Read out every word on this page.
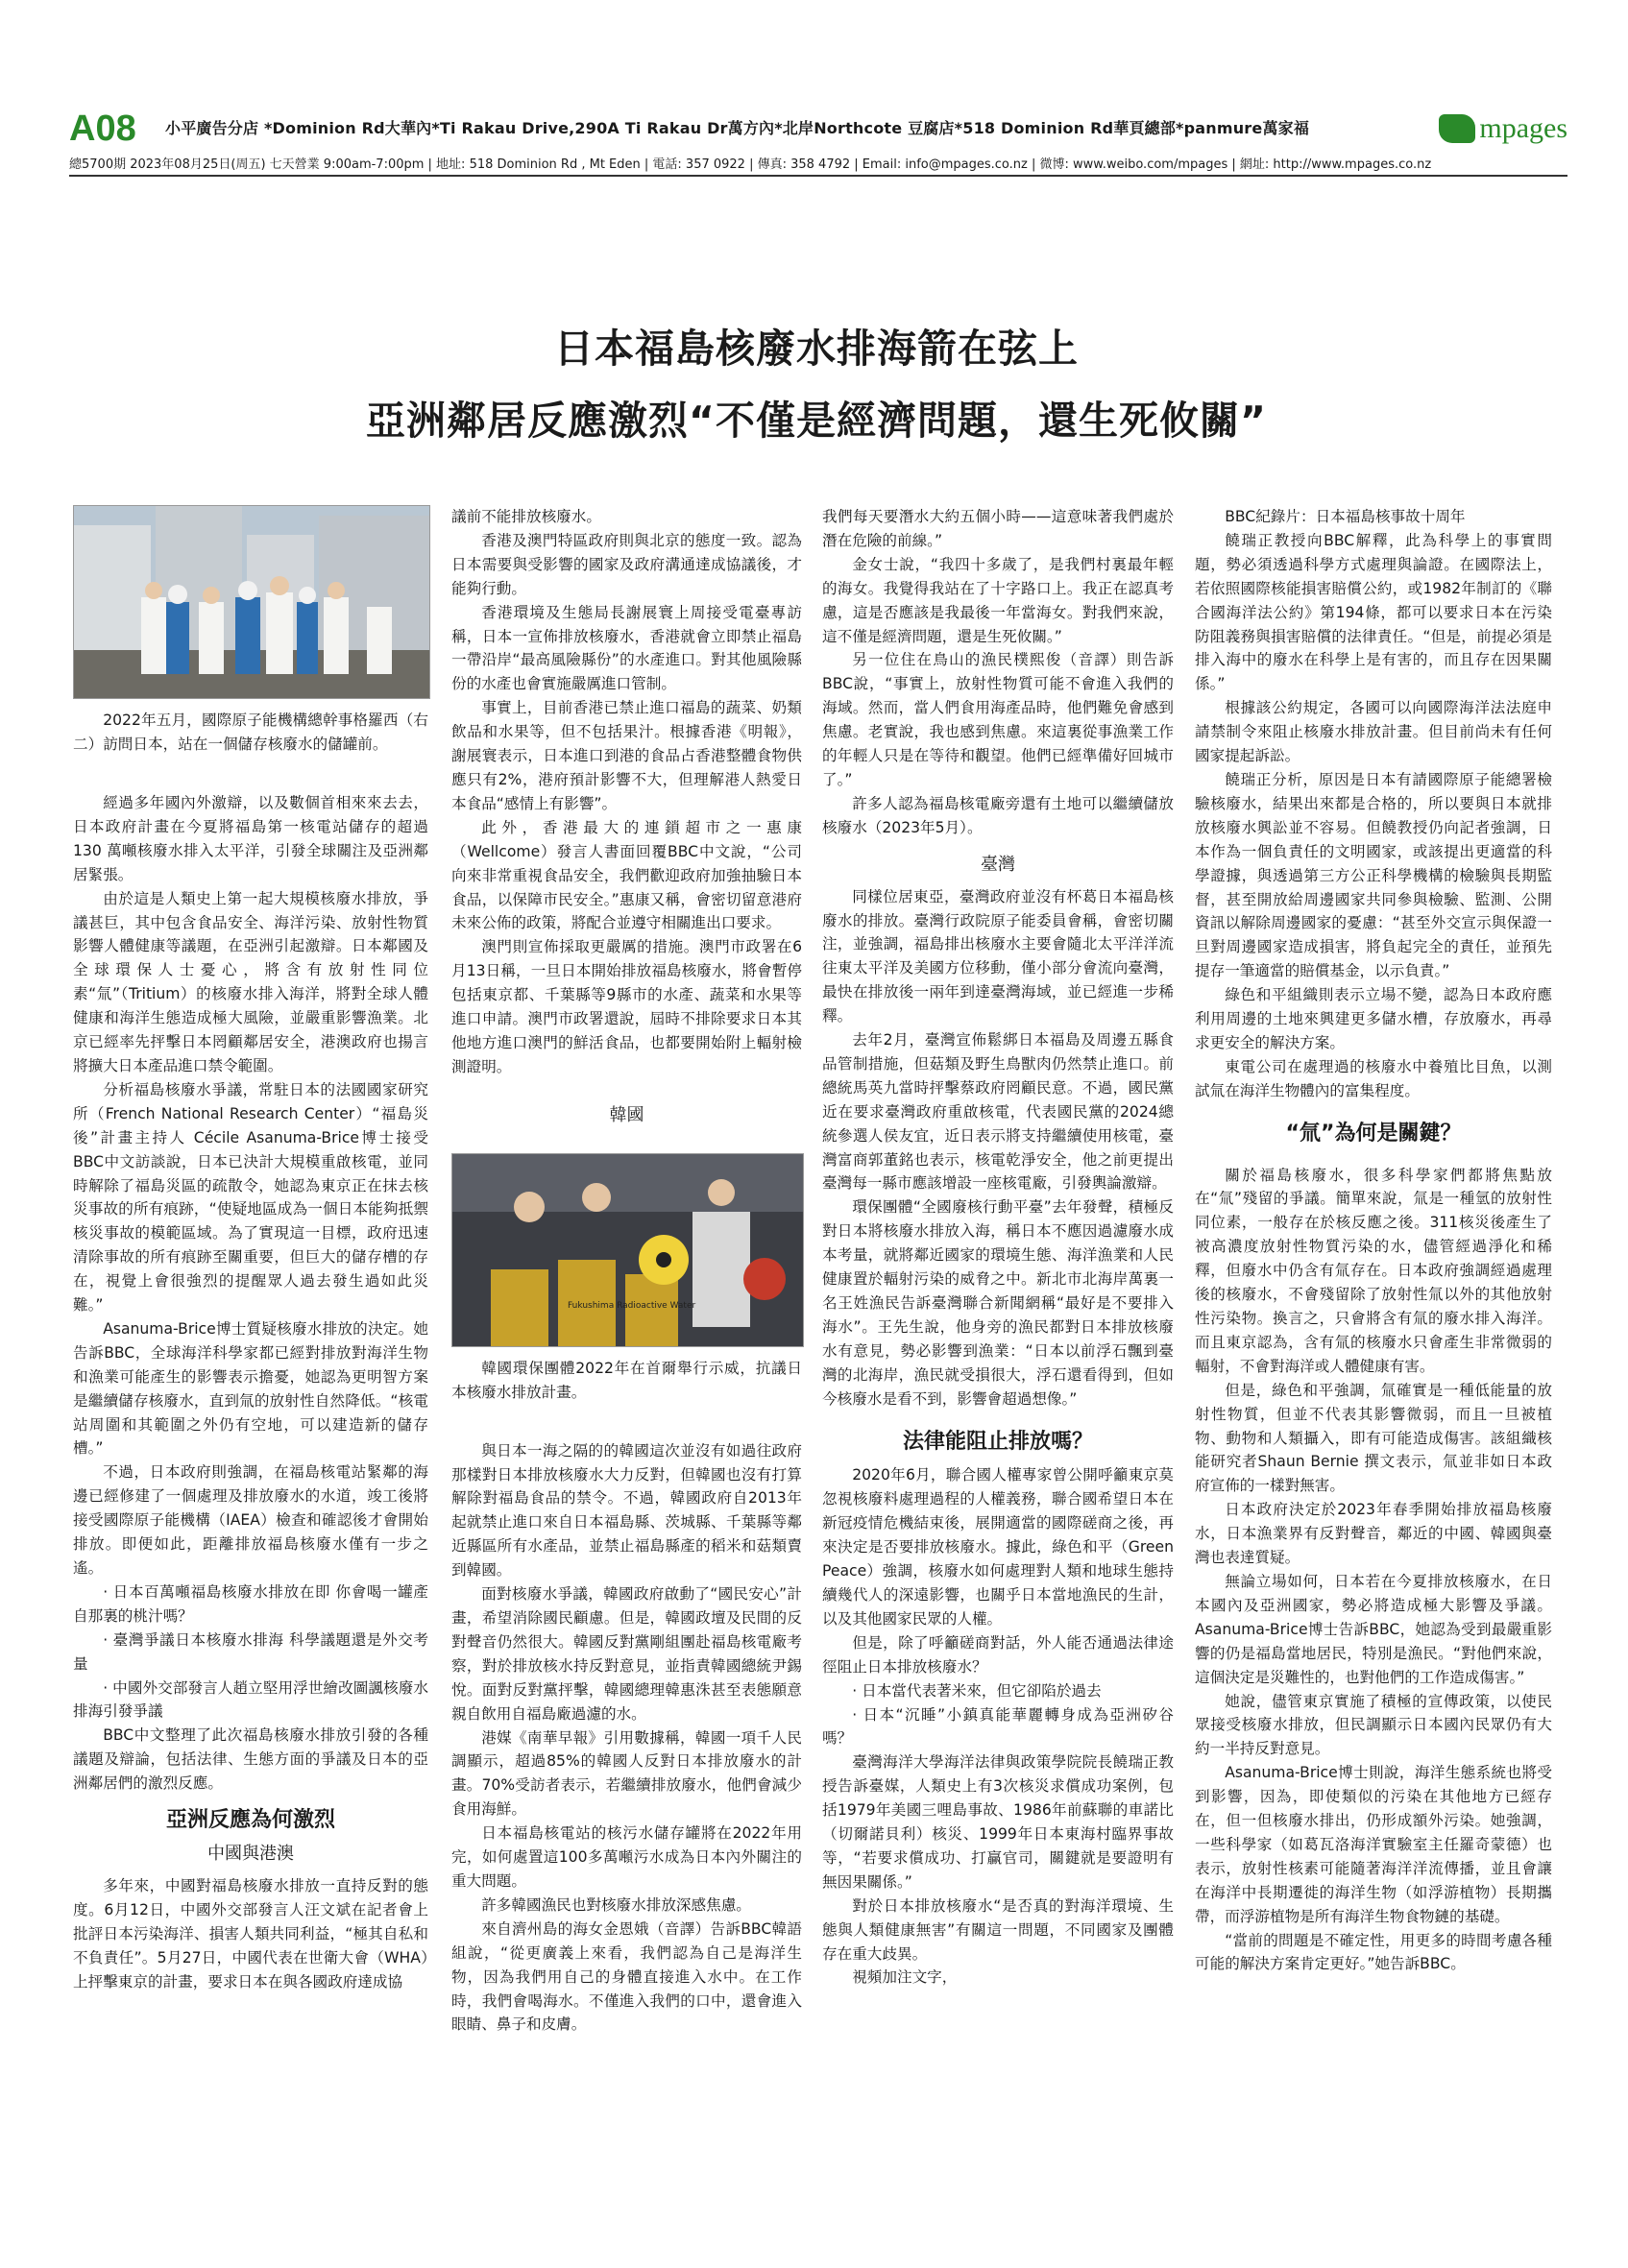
A08 小平廣告分店 *Dominion Rd大華內*Ti Rakau Drive,290A Ti Rakau Dr萬方內*北岸Northcote 豆腐店*518 Dominion Rd華頁總部*panmure萬家福	mpages
總5700期 2023年08月25日(周五) 七天營業 9:00am-7:00pm | 地址: 518 Dominion Rd , Mt Eden | 電話: 357 0922 | 傳真: 358 4792 | Email: info@mpages.co.nz | 微博: www.weibo.com/mpages | 網址: http://www.mpages.co.nz
日本福島核廢水排海箭在弦上
亞洲鄰居反應激烈“不僅是經濟問題，還生死攸關”

2022年五月，國際原子能機構總幹事格羅西（右二）訪問日本，站在一個儲存核廢水的儲罐前。

經過多年國內外激辯，以及數個首相來來去去，日本政府計畫在今夏將福島第一核電站儲存的超過 130 萬噸核廢水排入太平洋，引發全球關注及亞洲鄰居緊張。

由於這是人類史上第一起大規模核廢水排放，爭議甚巨，其中包含食品安全、海洋污染、放射性物質影響人體健康等議題，在亞洲引起激辯。日本鄰國及全球環保人士憂心，將含有放射性同位素“氚”（Tritium）的核廢水排入海洋，將對全球人體健康和海洋生態造成極大風險，並嚴重影響漁業。北京已經率先抨擊日本罔顧鄰居安全，港澳政府也揚言將擴大日本產品進口禁令範圍。

分析福島核廢水爭議，常駐日本的法國國家研究所（French National Research Center）“福島災後”計畫主持人 Cécile Asanuma-Brice博士接受BBC中文訪談說，日本已決計大規模重啟核電，並同時解除了福島災區的疏散令，她認為東京正在抹去核災事故的所有痕跡，“使疑地區成為一個日本能夠抵禦核災事故的模範區域。為了實現這一目標，政府迅速清除事故的所有痕跡至關重要，但巨大的儲存槽的存在，視覺上會很強烈的提醒眾人過去發生過如此災難。”

Asanuma-Brice博士質疑核廢水排放的決定。她告訴BBC，全球海洋科學家都已經對排放對海洋生物和漁業可能產生的影響表示擔憂，她認為更明智方案是繼續儲存核廢水，直到氚的放射性自然降低。“核電站周圍和其範圍之外仍有空地，可以建造新的儲存槽。”

不過，日本政府則強調，在福島核電站緊鄰的海邊已經修建了一個處理及排放廢水的水道，竣工後將接受國際原子能機構（IAEA）檢查和確認後才會開始排放。即便如此，距離排放福島核廢水僅有一步之遙。

· 日本百萬噸福島核廢水排放在即 你會喝一罐產自那裏的桃汁嗎？

· 臺灣爭議日本核廢水排海 科學議題還是外交考量

· 中國外交部發言人趙立堅用浮世繪改圖諷核廢水排海引發爭議

BBC中文整理了此次福島核廢水排放引發的各種議題及辯論，包括法律、生態方面的爭議及日本的亞洲鄰居們的激烈反應。

亞洲反應為何激烈
中國與港澳

多年來，中國對福島核廢水排放一直持反對的態度。6月12日，中國外交部發言人汪文斌在記者會上批評日本污染海洋、損害人類共同利益，“極其自私和不負責任”。5月27日，中國代表在世衛大會（WHA）上抨擊東京的計畫，要求日本在與各國政府達成協

議前不能排放核廢水。

香港及澳門特區政府則與北京的態度一致。認為日本需要與受影響的國家及政府溝通達成協議後，才能夠行動。

香港環境及生態局長謝展寰上周接受電臺專訪稱，日本一宣佈排放核廢水，香港就會立即禁止福島一帶沿岸“最高風險縣份”的水產進口。對其他風險縣份的水產也會實施嚴厲進口管制。

事實上，目前香港已禁止進口福島的蔬菜、奶類飲品和水果等，但不包括果汁。根據香港《明報》，謝展寰表示，日本進口到港的食品占香港整體食物供應只有2%，港府預計影響不大，但理解港人熱愛日本食品“感情上有影響”。

此外，香港最大的連鎖超市之一惠康（Wellcome）發言人書面回覆BBC中文說，“公司向來非常重視食品安全，我們歡迎政府加強抽驗日本食品，以保障市民安全。”惠康又稱，會密切留意港府未來公佈的政策，將配合並遵守相關進出口要求。

澳門則宣佈採取更嚴厲的措施。澳門市政署在6月13日稱，一旦日本開始排放福島核廢水，將會暫停包括東京都、千葉縣等9縣市的水產、蔬菜和水果等進口申請。澳門市政署還說，屆時不排除要求日本其他地方進口澳門的鮮活食品，也都要開始附上輻射檢測證明。

韓國
Fukushima Radioactive Water

韓國環保團體2022年在首爾舉行示威，抗議日本核廢水排放計畫。

與日本一海之隔的的韓國這次並沒有如過往政府那樣對日本排放核廢水大力反對，但韓國也沒有打算解除對福島食品的禁令。不過，韓國政府自2013年起就禁止進口來自日本福島縣、茨城縣、千葉縣等鄰近縣區所有水產品，並禁止福島縣產的稻米和菇類賣到韓國。

面對核廢水爭議，韓國政府啟動了“國民安心”計畫，希望消除國民顧慮。但是，韓國政壇及民間的反對聲音仍然很大。韓國反對黨剛組團赴福島核電廠考察，對於排放核水持反對意見，並指責韓國總統尹錫悅。面對反對黨抨擊，韓國總理韓惠洙甚至表態願意親自飲用自福島廠過濾的水。

港媒《南華早報》引用數據稱，韓國一項千人民調顯示，超過85%的韓國人反對日本排放廢水的計畫。70%受訪者表示，若繼續排放廢水，他們會減少食用海鮮。

日本福島核電站的核污水儲存罐將在2022年用完，如何處置這100多萬噸污水成為日本內外關注的重大問題。

許多韓國漁民也對核廢水排放深感焦慮。

來自濟州島的海女金恩娥（音譯）告訴BBC韓語組說，“從更廣義上來看，我們認為自己是海洋生物，因為我們用自己的身體直接進入水中。在工作時，我們會喝海水。不僅進入我們的口中，還會進入眼睛、鼻子和皮膚。

我們每天要潛水大約五個小時——這意味著我們處於潛在危險的前線。”

金女士說，“我四十多歲了，是我們村裏最年輕的海女。我覺得我站在了十字路口上。我正在認真考慮，這是否應該是我最後一年當海女。對我們來說，這不僅是經濟問題，還是生死攸關。”

另一位住在鳥山的漁民樸熙俊（音譯）則告訴BBC說，“事實上，放射性物質可能不會進入我們的海域。然而，當人們食用海產品時，他們難免會感到焦慮。老實說，我也感到焦慮。來這裏從事漁業工作的年輕人只是在等待和觀望。他們已經準備好回城市了。”

許多人認為福島核電廠旁還有土地可以繼續儲放核廢水（2023年5月）。

臺灣

同樣位居東亞，臺灣政府並沒有杯葛日本福島核廢水的排放。臺灣行政院原子能委員會稱，會密切關注，並強調，福島排出核廢水主要會隨北太平洋洋流往東太平洋及美國方位移動，僅小部分會流向臺灣，最快在排放後一兩年到達臺灣海域，並已經進一步稀釋。

去年2月，臺灣宣佈鬆綁日本福島及周邊五縣食品管制措施，但菇類及野生鳥獸肉仍然禁止進口。前總統馬英九當時抨擊蔡政府罔顧民意。不過，國民黨近在要求臺灣政府重啟核電，代表國民黨的2024總統參選人侯友宜，近日表示將支持繼續使用核電，臺灣富商郭董銘也表示，核電乾淨安全，他之前更提出臺灣每一縣市應該增設一座核電廠，引發輿論激辯。

環保團體“全國廢核行動平臺”去年發聲，積極反對日本將核廢水排放入海，稱日本不應因過濾廢水成本考量，就將鄰近國家的環境生態、海洋漁業和人民健康置於輻射污染的威脅之中。新北市北海岸萬裏一名王姓漁民告訴臺灣聯合新聞網稱“最好是不要排入海水”。王先生說，他身旁的漁民都對日本排放核廢水有意見，勢必影響到漁業：“日本以前浮石飄到臺灣的北海岸，漁民就受損很大，浮石還看得到，但如今核廢水是看不到，影響會超過想像。”

法律能阻止排放嗎？

2020年6月，聯合國人權專家曾公開呼籲東京莫忽視核廢料處理過程的人權義務，聯合國希望日本在新冠疫情危機結束後，展開適當的國際磋商之後，再來決定是否要排放核廢水。據此，綠色和平（Green Peace）強調，核廢水如何處理對人類和地球生態持續幾代人的深遠影響，也關乎日本當地漁民的生計，以及其他國家民眾的人權。

但是，除了呼籲磋商對話，外人能否通過法律途徑阻止日本排放核廢水？

· 日本當代表著米來，但它卻陷於過去

· 日本“沉睡”小鎮真能華麗轉身成為亞洲矽谷嗎？

臺灣海洋大學海洋法律與政策學院院長饒瑞正教授告訴臺媒，人類史上有3次核災求償成功案例，包括1979年美國三哩島事故、1986年前蘇聯的車諾比（切爾諾貝利）核災、1999年日本東海村臨界事故等，“若要求償成功、打贏官司，關鍵就是要證明有無因果關係。”

對於日本排放核廢水“是否真的對海洋環境、生態與人類健康無害”有關這一問題，不同國家及團體存在重大歧異。

視頻加注文字，

BBC紀錄片：日本福島核事故十周年

饒瑞正教授向BBC解釋，此為科學上的事實問題，勢必須透過科學方式處理與論證。在國際法上，若依照國際核能損害賠償公約，或1982年制訂的《聯合國海洋法公約》第194條，都可以要求日本在污染防阻義務與損害賠償的法律責任。“但是，前提必須是排入海中的廢水在科學上是有害的，而且存在因果關係。”

根據該公約規定，各國可以向國際海洋法法庭申請禁制令來阻止核廢水排放計畫。但目前尚未有任何國家提起訴訟。

饒瑞正分析，原因是日本有請國際原子能總署檢驗核廢水，結果出來都是合格的，所以要與日本就排放核廢水興訟並不容易。但饒教授仍向記者強調，日本作為一個負責任的文明國家，或該提出更適當的科學證據，與透過第三方公正科學機構的檢驗與長期監督，甚至開放給周邊國家共同參與檢驗、監測、公開資訊以解除周邊國家的憂慮：“甚至外交宣示與保證一旦對周邊國家造成損害，將負起完全的責任，並預先提存一筆適當的賠償基金，以示負責。”

綠色和平組織則表示立場不變，認為日本政府應利用周邊的土地來興建更多儲水槽，存放廢水，再尋求更安全的解決方案。

東電公司在處理過的核廢水中養殖比目魚，以測試氚在海洋生物體內的富集程度。

“氚”為何是關鍵？

關於福島核廢水，很多科學家們都將焦點放在“氚”殘留的爭議。簡單來說，氚是一種氫的放射性同位素，一般存在於核反應之後。311核災後產生了被高濃度放射性物質污染的水，儘管經過淨化和稀釋，但廢水中仍含有氚存在。日本政府強調經過處理後的核廢水，不會殘留除了放射性氚以外的其他放射性污染物。換言之，只會將含有氚的廢水排入海洋。而且東京認為，含有氚的核廢水只會產生非常微弱的輻射，不會對海洋或人體健康有害。

但是，綠色和平強調，氚確實是一種低能量的放射性物質，但並不代表其影響微弱，而且一旦被植物、動物和人類攝入，即有可能造成傷害。該組織核能研究者Shaun Bernie 撰文表示，氚並非如日本政府宣佈的一樣對無害。

日本政府決定於2023年春季開始排放福島核廢水，日本漁業界有反對聲音，鄰近的中國、韓國與臺灣也表達質疑。

無論立場如何，日本若在今夏排放核廢水，在日本國內及亞洲國家，勢必將造成極大影響及爭議。Asanuma-Brice博士告訴BBC，她認為受到最嚴重影響的仍是福島當地居民，特別是漁民。“對他們來說，這個決定是災難性的，也對他們的工作造成傷害。”

她說，儘管東京實施了積極的宣傳政策，以使民眾接受核廢水排放，但民調顯示日本國內民眾仍有大約一半持反對意見。

Asanuma-Brice博士則說，海洋生態系統也將受到影響，因為，即使類似的污染在其他地方已經存在，但一但核廢水排出，仍形成額外污染。她強調，一些科學家（如葛瓦洛海洋實驗室主任羅奇蒙德）也表示，放射性核素可能隨著海洋洋流傳播，並且會讓在海洋中長期遷徙的海洋生物（如浮游植物）長期攜帶，而浮游植物是所有海洋生物食物鏈的基礎。

“當前的問題是不確定性，用更多的時間考慮各種可能的解決方案肯定更好。”她告訴BBC。
